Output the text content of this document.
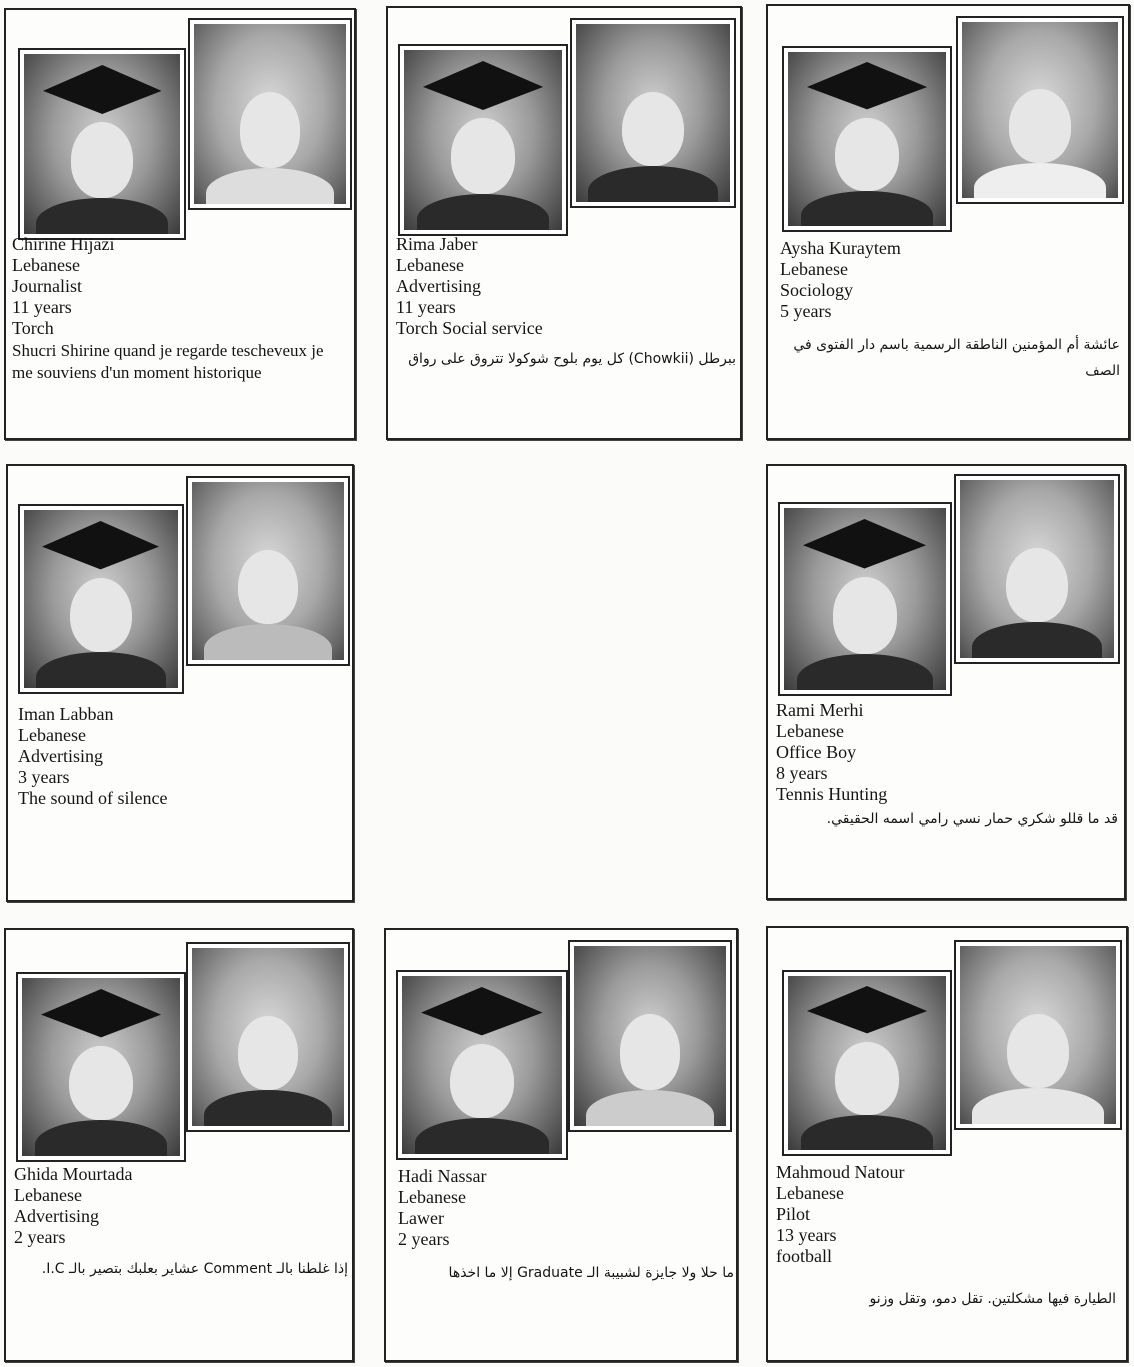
Chirine Hijazi
Lebanese
Journalist
11 years
Torch
Shucri Shirine quand je regarde tescheveux je me souviens d'un moment historique
Rima Jaber
Lebanese
Advertising
11 years
Torch Social service
ببرطل (Chowkii) كل يوم بلوح شوكولا تتروق على رواق
Aysha Kuraytem
Lebanese
Sociology
5 years
عائشة أم المؤمنين الناطقة الرسمية باسم دار الفتوى في الصف
Iman Labban
Lebanese
Advertising
3 years
The sound of silence
Rami Merhi
Lebanese
Office Boy
8 years
Tennis Hunting
قد ما قللو شكري حمار نسي رامي اسمه الحقيقي.
Ghida Mourtada
Lebanese
Advertising
2 years
إذا غلطنا بالـ Comment عشاير بعلبك بتصير بالـ I.C.
Hadi Nassar
Lebanese
Lawer
2 years
ما حلا ولا جايزة لشبيبة الـ Graduate إلا ما اخذها
Mahmoud Natour
Lebanese
Pilot
13 years
football
الطيارة فيها مشكلتين. تقل دمو، وتقل وزنو
